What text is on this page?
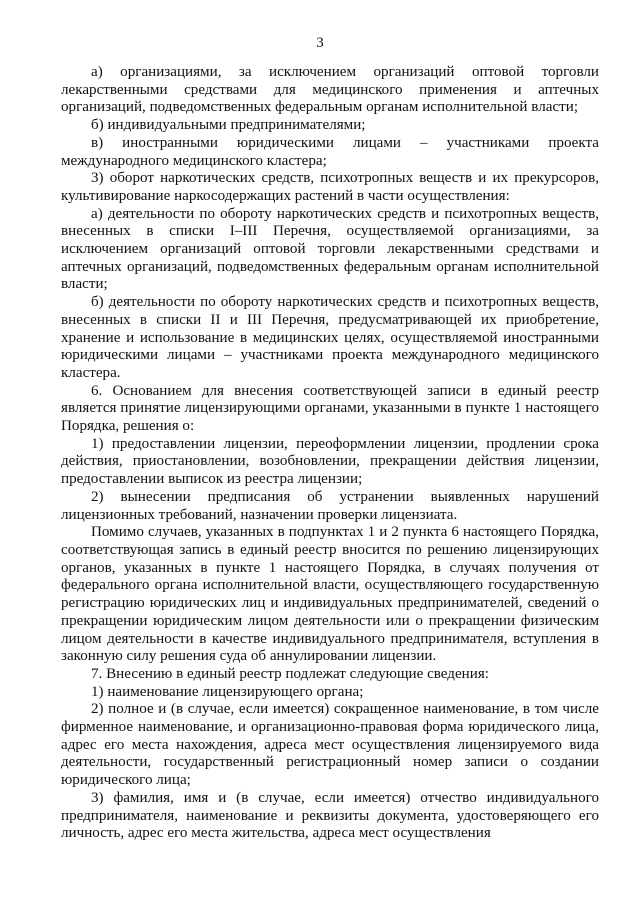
3

а) организациями, за исключением организаций оптовой торговли лекарственными средствами для медицинского применения и аптечных организаций, подведомственных федеральным органам исполнительной власти;

б) индивидуальными предпринимателями;

в) иностранными юридическими лицами – участниками проекта международного медицинского кластера;

3) оборот наркотических средств, психотропных веществ и их прекурсоров, культивирование наркосодержащих растений в части осуществления:

а) деятельности по обороту наркотических средств и психотропных веществ, внесенных в списки I–III Перечня, осуществляемой организациями, за исключением организаций оптовой торговли лекарственными средствами и аптечных организаций, подведомственных федеральным органам исполнительной власти;

б) деятельности по обороту наркотических средств и психотропных веществ, внесенных в списки II и III Перечня, предусматривающей их приобретение, хранение и использование в медицинских целях, осуществляемой иностранными юридическими лицами – участниками проекта международного медицинского кластера.

6. Основанием для внесения соответствующей записи в единый реестр является принятие лицензирующими органами, указанными в пункте 1 настоящего Порядка, решения о:

1) предоставлении лицензии, переоформлении лицензии, продлении срока действия, приостановлении, возобновлении, прекращении действия лицензии, предоставлении выписок из реестра лицензии;

2) вынесении предписания об устранении выявленных нарушений лицензионных требований, назначении проверки лицензиата.

Помимо случаев, указанных в подпунктах 1 и 2 пункта 6 настоящего Порядка, соответствующая запись в единый реестр вносится по решению лицензирующих органов, указанных в пункте 1 настоящего Порядка, в случаях получения от федерального органа исполнительной власти, осуществляющего государственную регистрацию юридических лиц и индивидуальных предпринимателей, сведений о прекращении юридическим лицом деятельности или о прекращении физическим лицом деятельности в качестве индивидуального предпринимателя, вступления в законную силу решения суда об аннулировании лицензии.

7. Внесению в единый реестр подлежат следующие сведения:

1) наименование лицензирующего органа;

2) полное и (в случае, если имеется) сокращенное наименование, в том числе фирменное наименование, и организационно-правовая форма юридического лица, адрес его места нахождения, адреса мест осуществления лицензируемого вида деятельности, государственный регистрационный номер записи о создании юридического лица;

3) фамилия, имя и (в случае, если имеется) отчество индивидуального предпринимателя, наименование и реквизиты документа, удостоверяющего его личность, адрес его места жительства, адреса мест осуществления
